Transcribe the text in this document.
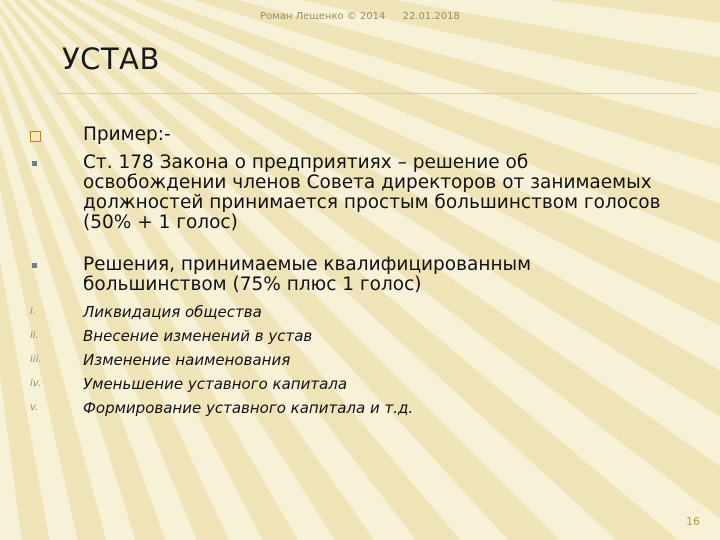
Роман Лещенко © 2014 22.01.2018
УСТАВ
Пример:-
Ст. 178 Закона о предприятиях – решение об
освобождении членов Совета директоров от занимаемых
должностей принимается простым большинством голосов
(50% + 1 голос)
Решения, принимаемые квалифицированным
большинством (75% плюс 1 голос)
i.	Ликвидация общества
ii.	Внесение изменений в устав
iii.	Изменение наименования
iv.	Уменьшение уставного капитала
v.	Формирование уставного капитала и т.д.
16
